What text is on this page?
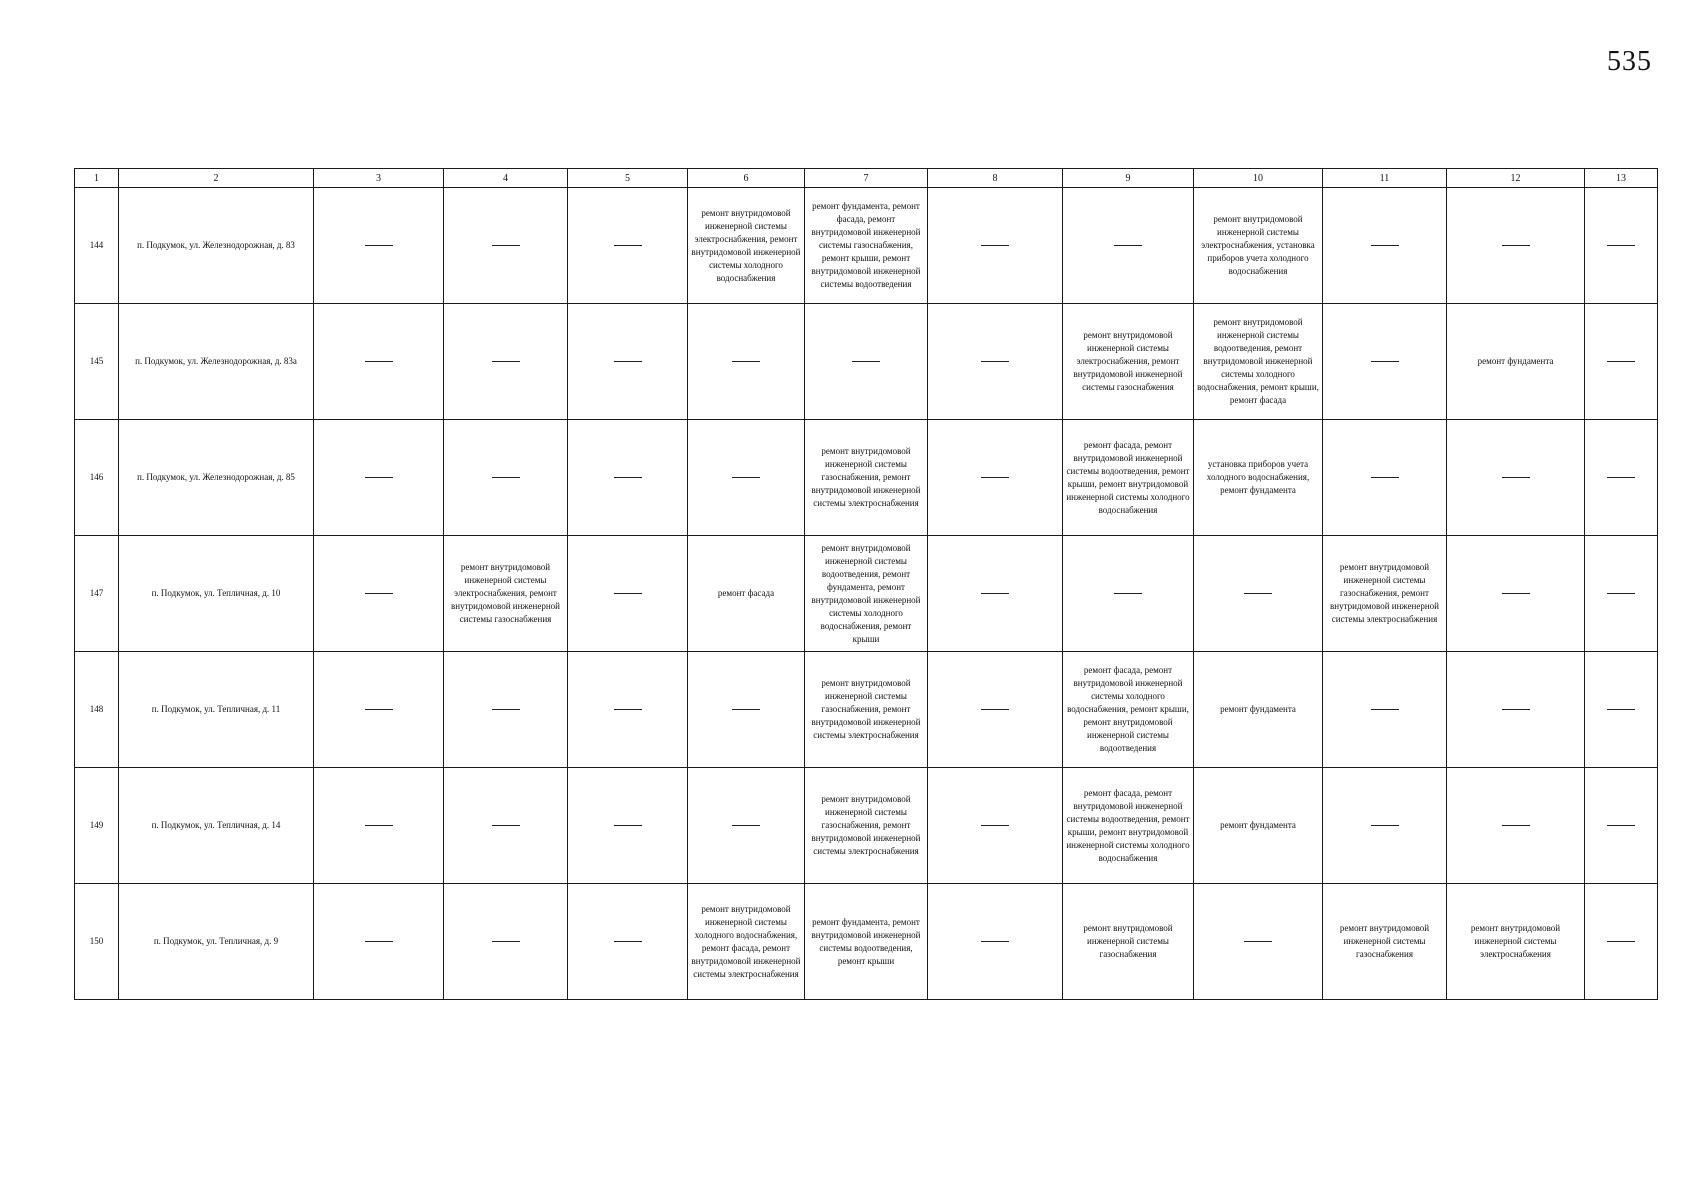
535
1	2	3	4	5	6	7	8	9	10	11	12	13
144	п. Подкумок, ул. Железнодорожная, д. 83				ремонт внутридомовой инженерной системы электроснабжения, ремонт внутридомовой инженерной системы холодного водоснабжения	ремонт фундамента, ремонт фасада, ремонт внутридомовой инженерной системы газоснабжения, ремонт крыши, ремонт внутридомовой инженерной системы водоотведения			ремонт внутридомовой инженерной системы электроснабжения, установка приборов учета холодного водоснабжения			
145	п. Подкумок, ул. Железнодорожная, д. 83а							ремонт внутридомовой инженерной системы электроснабжения, ремонт внутридомовой инженерной системы газоснабжения	ремонт внутридомовой инженерной системы водоотведения, ремонт внутридомовой инженерной системы холодного водоснабжения, ремонт крыши, ремонт фасада		ремонт фундамента	
146	п. Подкумок, ул. Железнодорожная, д. 85					ремонт внутридомовой инженерной системы газоснабжения, ремонт внутридомовой инженерной системы электроснабжения		ремонт фасада, ремонт внутридомовой инженерной системы водоотведения, ремонт крыши, ремонт внутридомовой инженерной системы холодного водоснабжения	установка приборов учета холодного водоснабжения, ремонт фундамента			
147	п. Подкумок, ул. Тепличная, д. 10		ремонт внутридомовой инженерной системы электроснабжения, ремонт внутридомовой инженерной системы газоснабжения		ремонт фасада	ремонт внутридомовой инженерной системы водоотведения, ремонт фундамента, ремонт внутридомовой инженерной системы холодного водоснабжения, ремонт крыши				ремонт внутридомовой инженерной системы газоснабжения, ремонт внутридомовой инженерной системы электроснабжения		
148	п. Подкумок, ул. Тепличная, д. 11					ремонт внутридомовой инженерной системы газоснабжения, ремонт внутридомовой инженерной системы электроснабжения		ремонт фасада, ремонт внутридомовой инженерной системы холодного водоснабжения, ремонт крыши, ремонт внутридомовой инженерной системы водоотведения	ремонт фундамента			
149	п. Подкумок, ул. Тепличная, д. 14					ремонт внутридомовой инженерной системы газоснабжения, ремонт внутридомовой инженерной системы электроснабжения		ремонт фасада, ремонт внутридомовой инженерной системы водоотведения, ремонт крыши, ремонт внутридомовой инженерной системы холодного водоснабжения	ремонт фундамента			
150	п. Подкумок, ул. Тепличная, д. 9				ремонт внутридомовой инженерной системы холодного водоснабжения, ремонт фасада, ремонт внутридомовой инженерной системы электроснабжения	ремонт фундамента, ремонт внутридомовой инженерной системы водоотведения, ремонт крыши		ремонт внутридомовой инженерной системы газоснабжения		ремонт внутридомовой инженерной системы газоснабжения	ремонт внутридомовой инженерной системы электроснабжения	
